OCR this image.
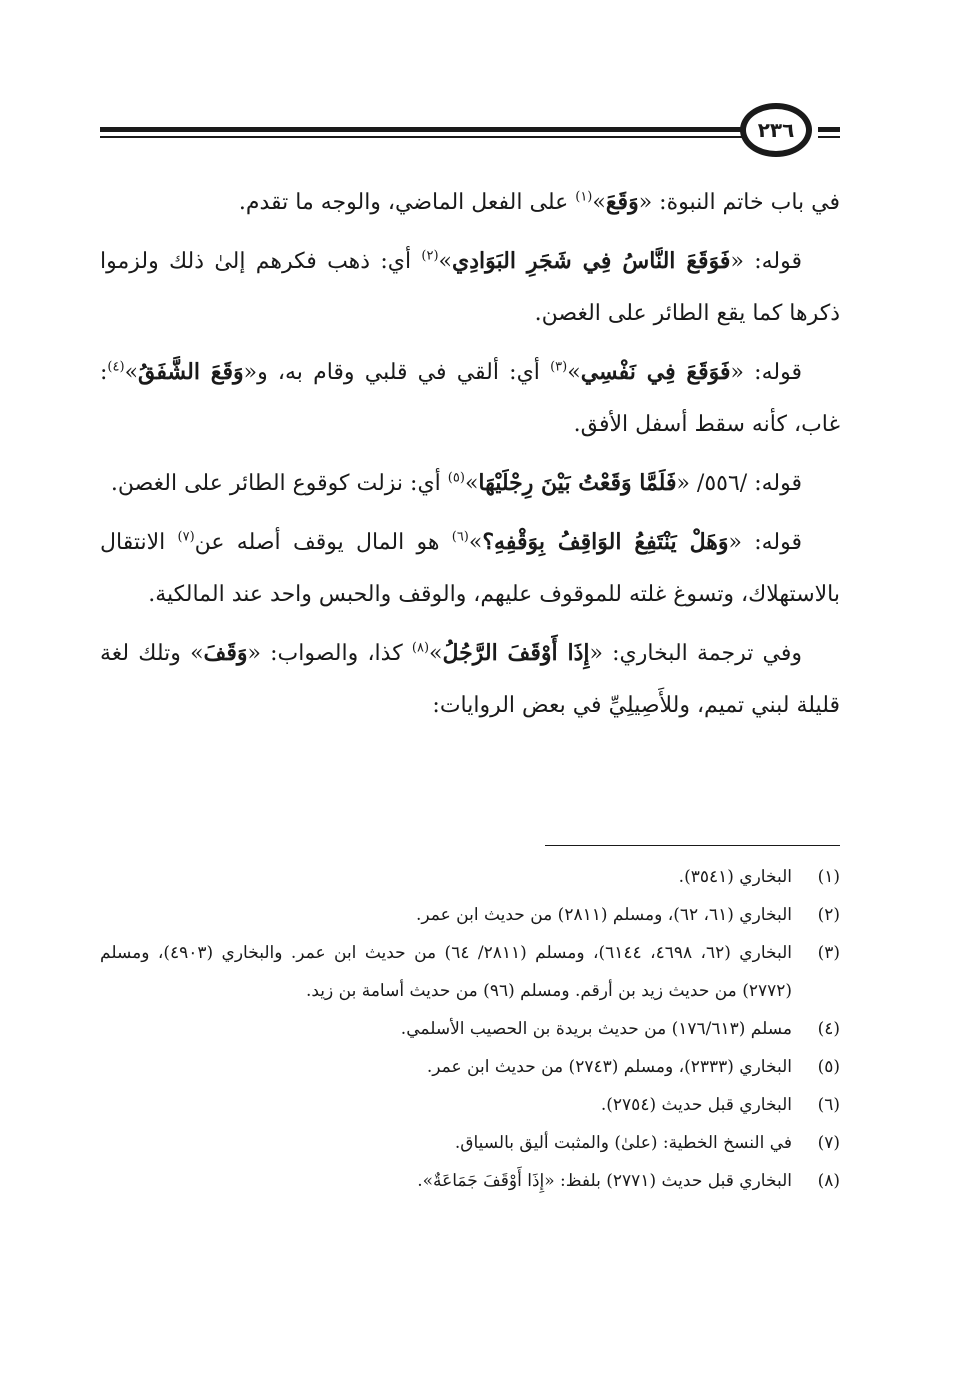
٢٣٦

في باب خاتم النبوة: «وَقَعَ»$^{(١)}$ على الفعل الماضي، والوجه ما تقدم.

قوله: «فَوَقَعَ النَّاسُ فِي شَجَرِ البَوَادِي»$^{(٢)}$ أي: ذهب فكرهم إلىٰ ذلك ولزموا ذكرها كما يقع الطائر على الغصن.

قوله: «فَوَقَعَ فِي نَفْسِي»$^{(٣)}$ أي: ألقي في قلبي وقام به، و«وَقَعَ الشَّفَقُ»$^{(٤)}$: غاب، كأنه سقط أسفل الأفق.

قوله: /٥٥٦/ «فَلَمَّا وَقَعْتُ بَيْنَ رِجْلَيْهَا»$^{(٥)}$ أي: نزلت كوقوع الطائر على الغصن.

قوله: «وَهَلْ يَنْتَفِعُ الوَاقِفُ بِوَقْفِهِ؟»$^{(٦)}$ هو المال يوقف أصله عن$^{(٧)}$ الانتقال بالاستهلاك، وتسوغ غلته للموقوف عليهم، والوقف والحبس واحد عند المالكية.

وفي ترجمة البخاري: «إِذَا أَوْقَفَ الرَّجُلُ»$^{(٨)}$ كذا، والصواب: «وَقَفَ» وتلك لغة قليلة لبني تميم، وللأَصِيلِيِّ في بعض الروايات:

(١)
البخاري (٣٥٤١).
(٢)
البخاري (٦١، ٦٢)، ومسلم (٢٨١١) من حديث ابن عمر.
(٣)
البخاري (٦٢، ٤٦٩٨، ٦١٤٤)، ومسلم (٢٨١١/ ٦٤) من حديث ابن عمر. والبخاري (٤٩٠٣)، ومسلم (٢٧٧٢) من حديث زيد بن أرقم. ومسلم (٩٦) من حديث أسامة بن زيد.
(٤)
مسلم (١٧٦/٦١٣) من حديث بريدة بن الحصيب الأسلمي.
(٥)
البخاري (٢٣٣٣)، ومسلم (٢٧٤٣) من حديث ابن عمر.
(٦)
البخاري قبل حديث (٢٧٥٤).
(٧)
في النسخ الخطية: (علىٰ) والمثبت أليق بالسياق.
(٨)
البخاري قبل حديث (٢٧٧١) بلفظ: «إِذَا أَوْقَفَ جَمَاعَةٌ».
